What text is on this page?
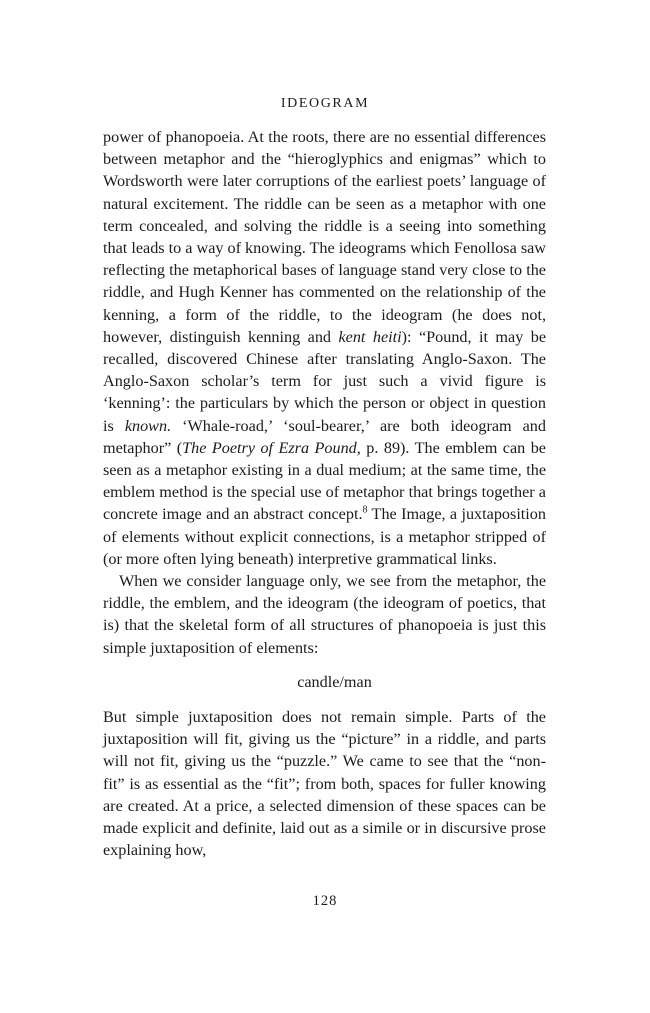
IDEOGRAM

power of phanopoeia. At the roots, there are no essential differences between metaphor and the “hieroglyphics and enigmas” which to Wordsworth were later corruptions of the earliest poets’ language of natural excitement. The riddle can be seen as a metaphor with one term concealed, and solving the riddle is a seeing into something that leads to a way of knowing. The ideograms which Fenollosa saw reflecting the metaphorical bases of language stand very close to the riddle, and Hugh Kenner has commented on the relationship of the kenning, a form of the riddle, to the ideogram (he does not, however, distinguish kenning and kent heiti): “Pound, it may be recalled, discovered Chinese after translating Anglo-Saxon. The Anglo-Saxon scholar’s term for just such a vivid figure is ‘kenning’: the particulars by which the person or object in question is known. ‘Whale-road,’ ‘soul-bearer,’ are both ideogram and metaphor” (The Poetry of Ezra Pound, p. 89). The emblem can be seen as a metaphor existing in a dual medium; at the same time, the emblem method is the special use of metaphor that brings together a concrete image and an abstract concept.$^8$ The Image, a juxtaposition of elements without explicit connections, is a metaphor stripped of (or more often lying beneath) interpretive grammatical links.

When we consider language only, we see from the metaphor, the riddle, the emblem, and the ideogram (the ideogram of poetics, that is) that the skeletal form of all structures of phanopoeia is just this simple juxtaposition of elements:

candle/man

But simple juxtaposition does not remain simple. Parts of the juxtaposition will fit, giving us the “picture” in a riddle, and parts will not fit, giving us the “puzzle.” We came to see that the “non-fit” is as essential as the “fit”; from both, spaces for fuller knowing are created. At a price, a selected dimension of these spaces can be made explicit and definite, laid out as a simile or in discursive prose explaining how,

128
